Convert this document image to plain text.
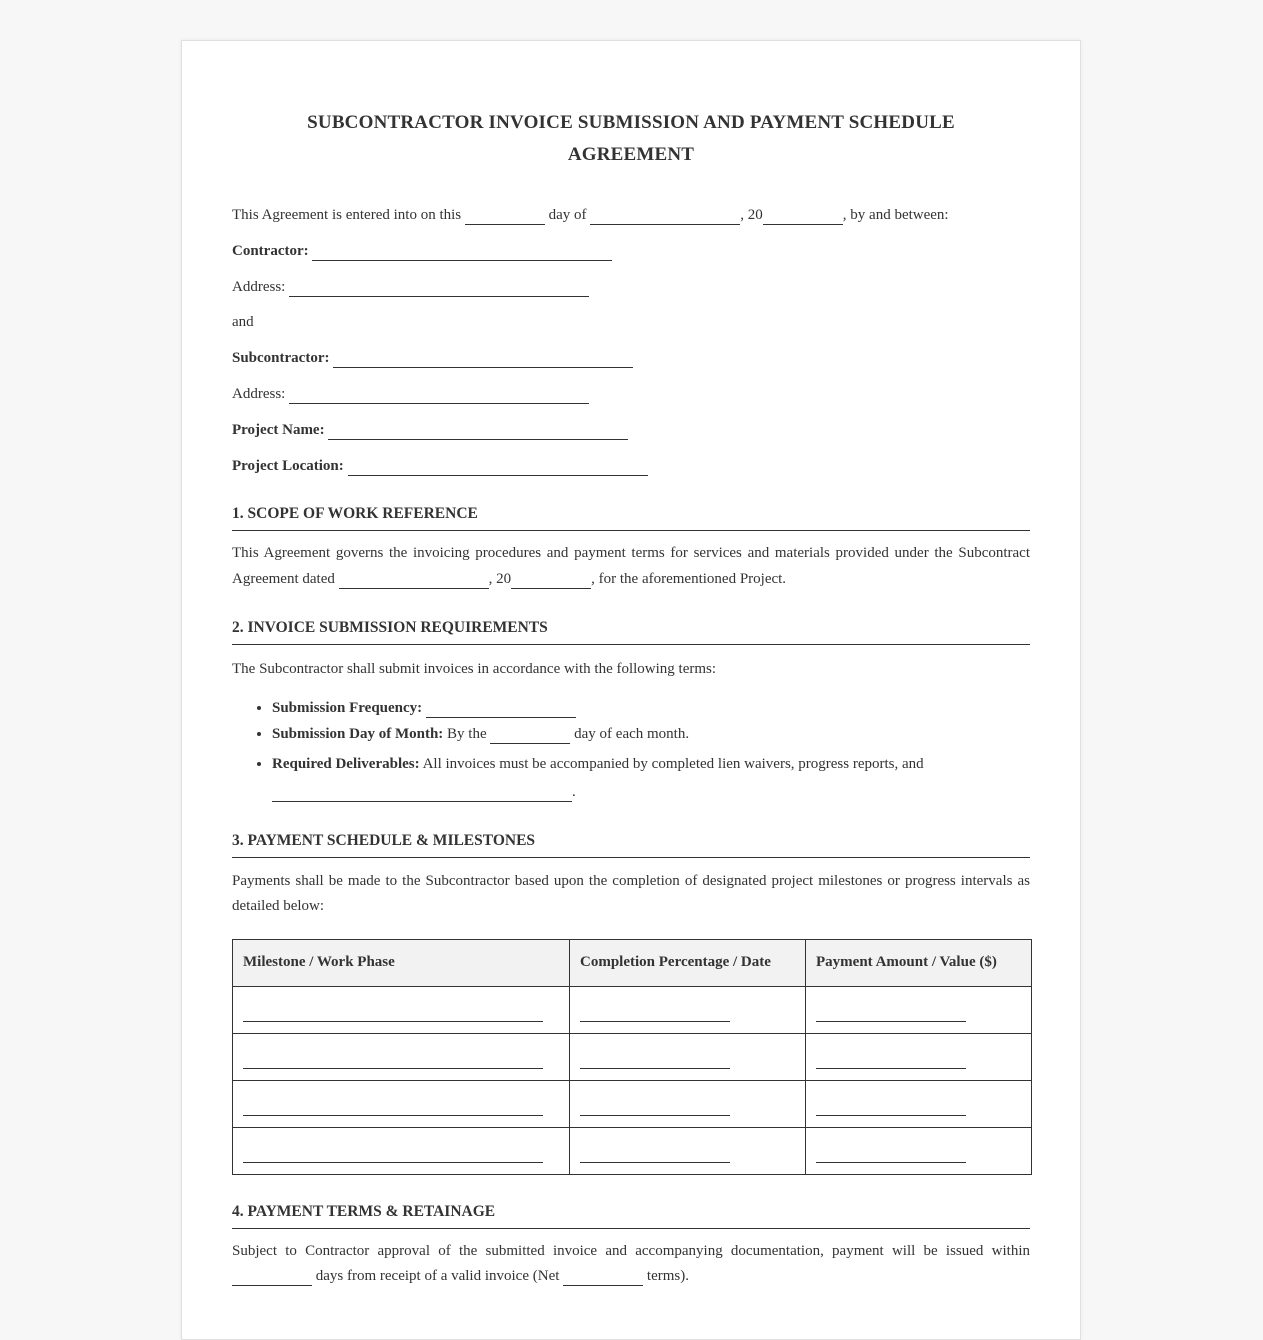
SUBCONTRACTOR INVOICE SUBMISSION AND PAYMENT SCHEDULE
AGREEMENT
This Agreement is entered into on this	day of	, 20	, by and between:
Contractor:
Address:
and
Subcontractor:
Address:
Project Name:
Project Location:
1. SCOPE OF WORK REFERENCE
This Agreement governs the invoicing procedures and payment terms for services and materials provided under the Subcontract Agreement dated	, 20	, for the aforementioned Project.
2. INVOICE SUBMISSION REQUIREMENTS
The Subcontractor shall submit invoices in accordance with the following terms:
• Submission Frequency:
• Submission Day of Month: By the	day of each month.
• Required Deliverables: All invoices must be accompanied by completed lien waivers, progress reports, and
.
3. PAYMENT SCHEDULE & MILESTONES
Payments shall be made to the Subcontractor based upon the completion of designated project milestones or progress intervals as detailed below:
Milestone / Work Phase	Completion Percentage / Date	Payment Amount / Value ($)

4. PAYMENT TERMS & RETAINAGE
Subject to Contractor approval of the submitted invoice and accompanying documentation, payment will be issued within  days from receipt of a valid invoice (Net	terms).
